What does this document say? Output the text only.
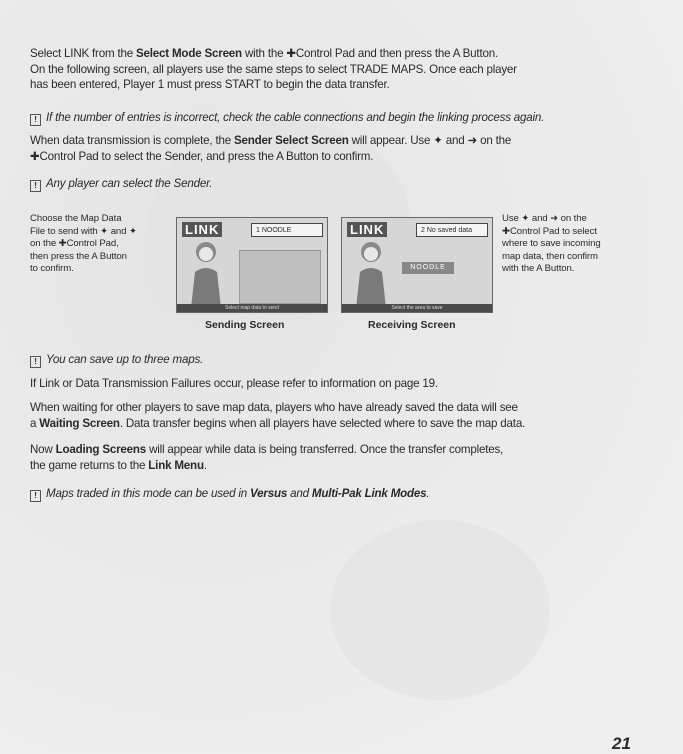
Select LINK from the Select Mode Screen with the ✚Control Pad and then press the A Button.
On the following screen, all players use the same steps to select TRADE MAPS. Once each player
has been entered, Player 1 must press START to begin the data transfer.
! If the number of entries is incorrect, check the cable connections and begin the linking process again.
When data transmission is complete, the Sender Select Screen will appear. Use ✦ and ➜ on the
✚Control Pad to select the Sender, and press the A Button to confirm.
! Any player can select the Sender.
Choose the Map Data
File to send with ✦ and ✦
on the ✚Control Pad,
then press the A Button
to confirm.
LINK	1 NOODLE
Select map data to send
LINK	2 No saved data
NOODLE
Select the area to save
Use ✦ and ➜ on the
✚Control Pad to select
where to save incoming
map data, then confirm
with the A Button.
Sending Screen	Receiving Screen
! You can save up to three maps.
If Link or Data Transmission Failures occur, please refer to information on page 19.
When waiting for other players to save map data, players who have already saved the data will see
a Waiting Screen. Data transfer begins when all players have selected where to save the map data.
Now Loading Screens will appear while data is being transferred. Once the transfer completes,
the game returns to the Link Menu.
! Maps traded in this mode can be used in Versus and Multi-Pak Link Modes.
21
